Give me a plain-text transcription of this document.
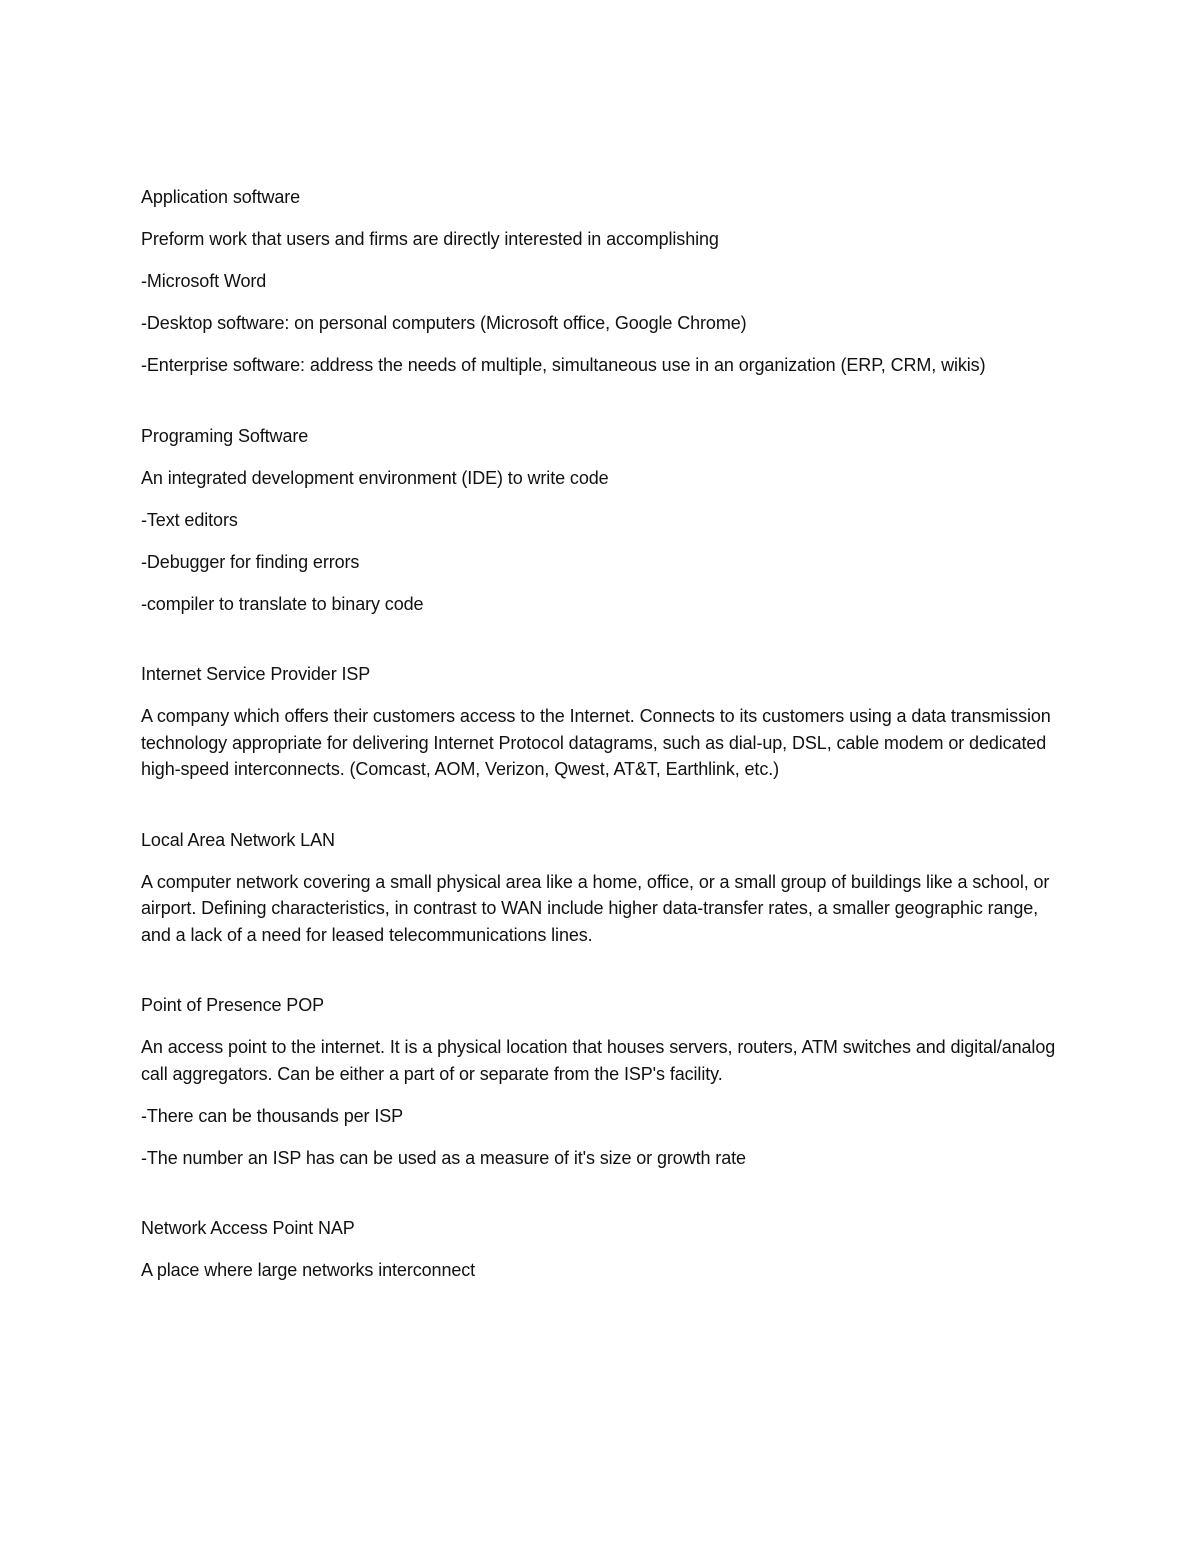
Application software

Preform work that users and firms are directly interested in accomplishing

-Microsoft Word

-Desktop software: on personal computers (Microsoft office, Google Chrome)

-Enterprise software: address the needs of multiple, simultaneous use in an organization (ERP, CRM, wikis)

Programing Software

An integrated development environment (IDE) to write code

-Text editors

-Debugger for finding errors

-compiler to translate to binary code

Internet Service Provider ISP

A company which offers their customers access to the Internet. Connects to its customers using a data transmission technology appropriate for delivering Internet Protocol datagrams, such as dial-up, DSL, cable modem or dedicated high-speed interconnects. (Comcast, AOM, Verizon, Qwest, AT&T, Earthlink, etc.)

Local Area Network LAN

A computer network covering a small physical area like a home, office, or a small group of buildings like a school, or airport. Defining characteristics, in contrast to WAN include higher data-transfer rates, a smaller geographic range, and a lack of a need for leased telecommunications lines.

Point of Presence POP

An access point to the internet. It is a physical location that houses servers, routers, ATM switches and digital/analog call aggregators. Can be either a part of or separate from the ISP's facility.

-There can be thousands per ISP

-The number an ISP has can be used as a measure of it's size or growth rate

Network Access Point NAP

A place where large networks interconnect
